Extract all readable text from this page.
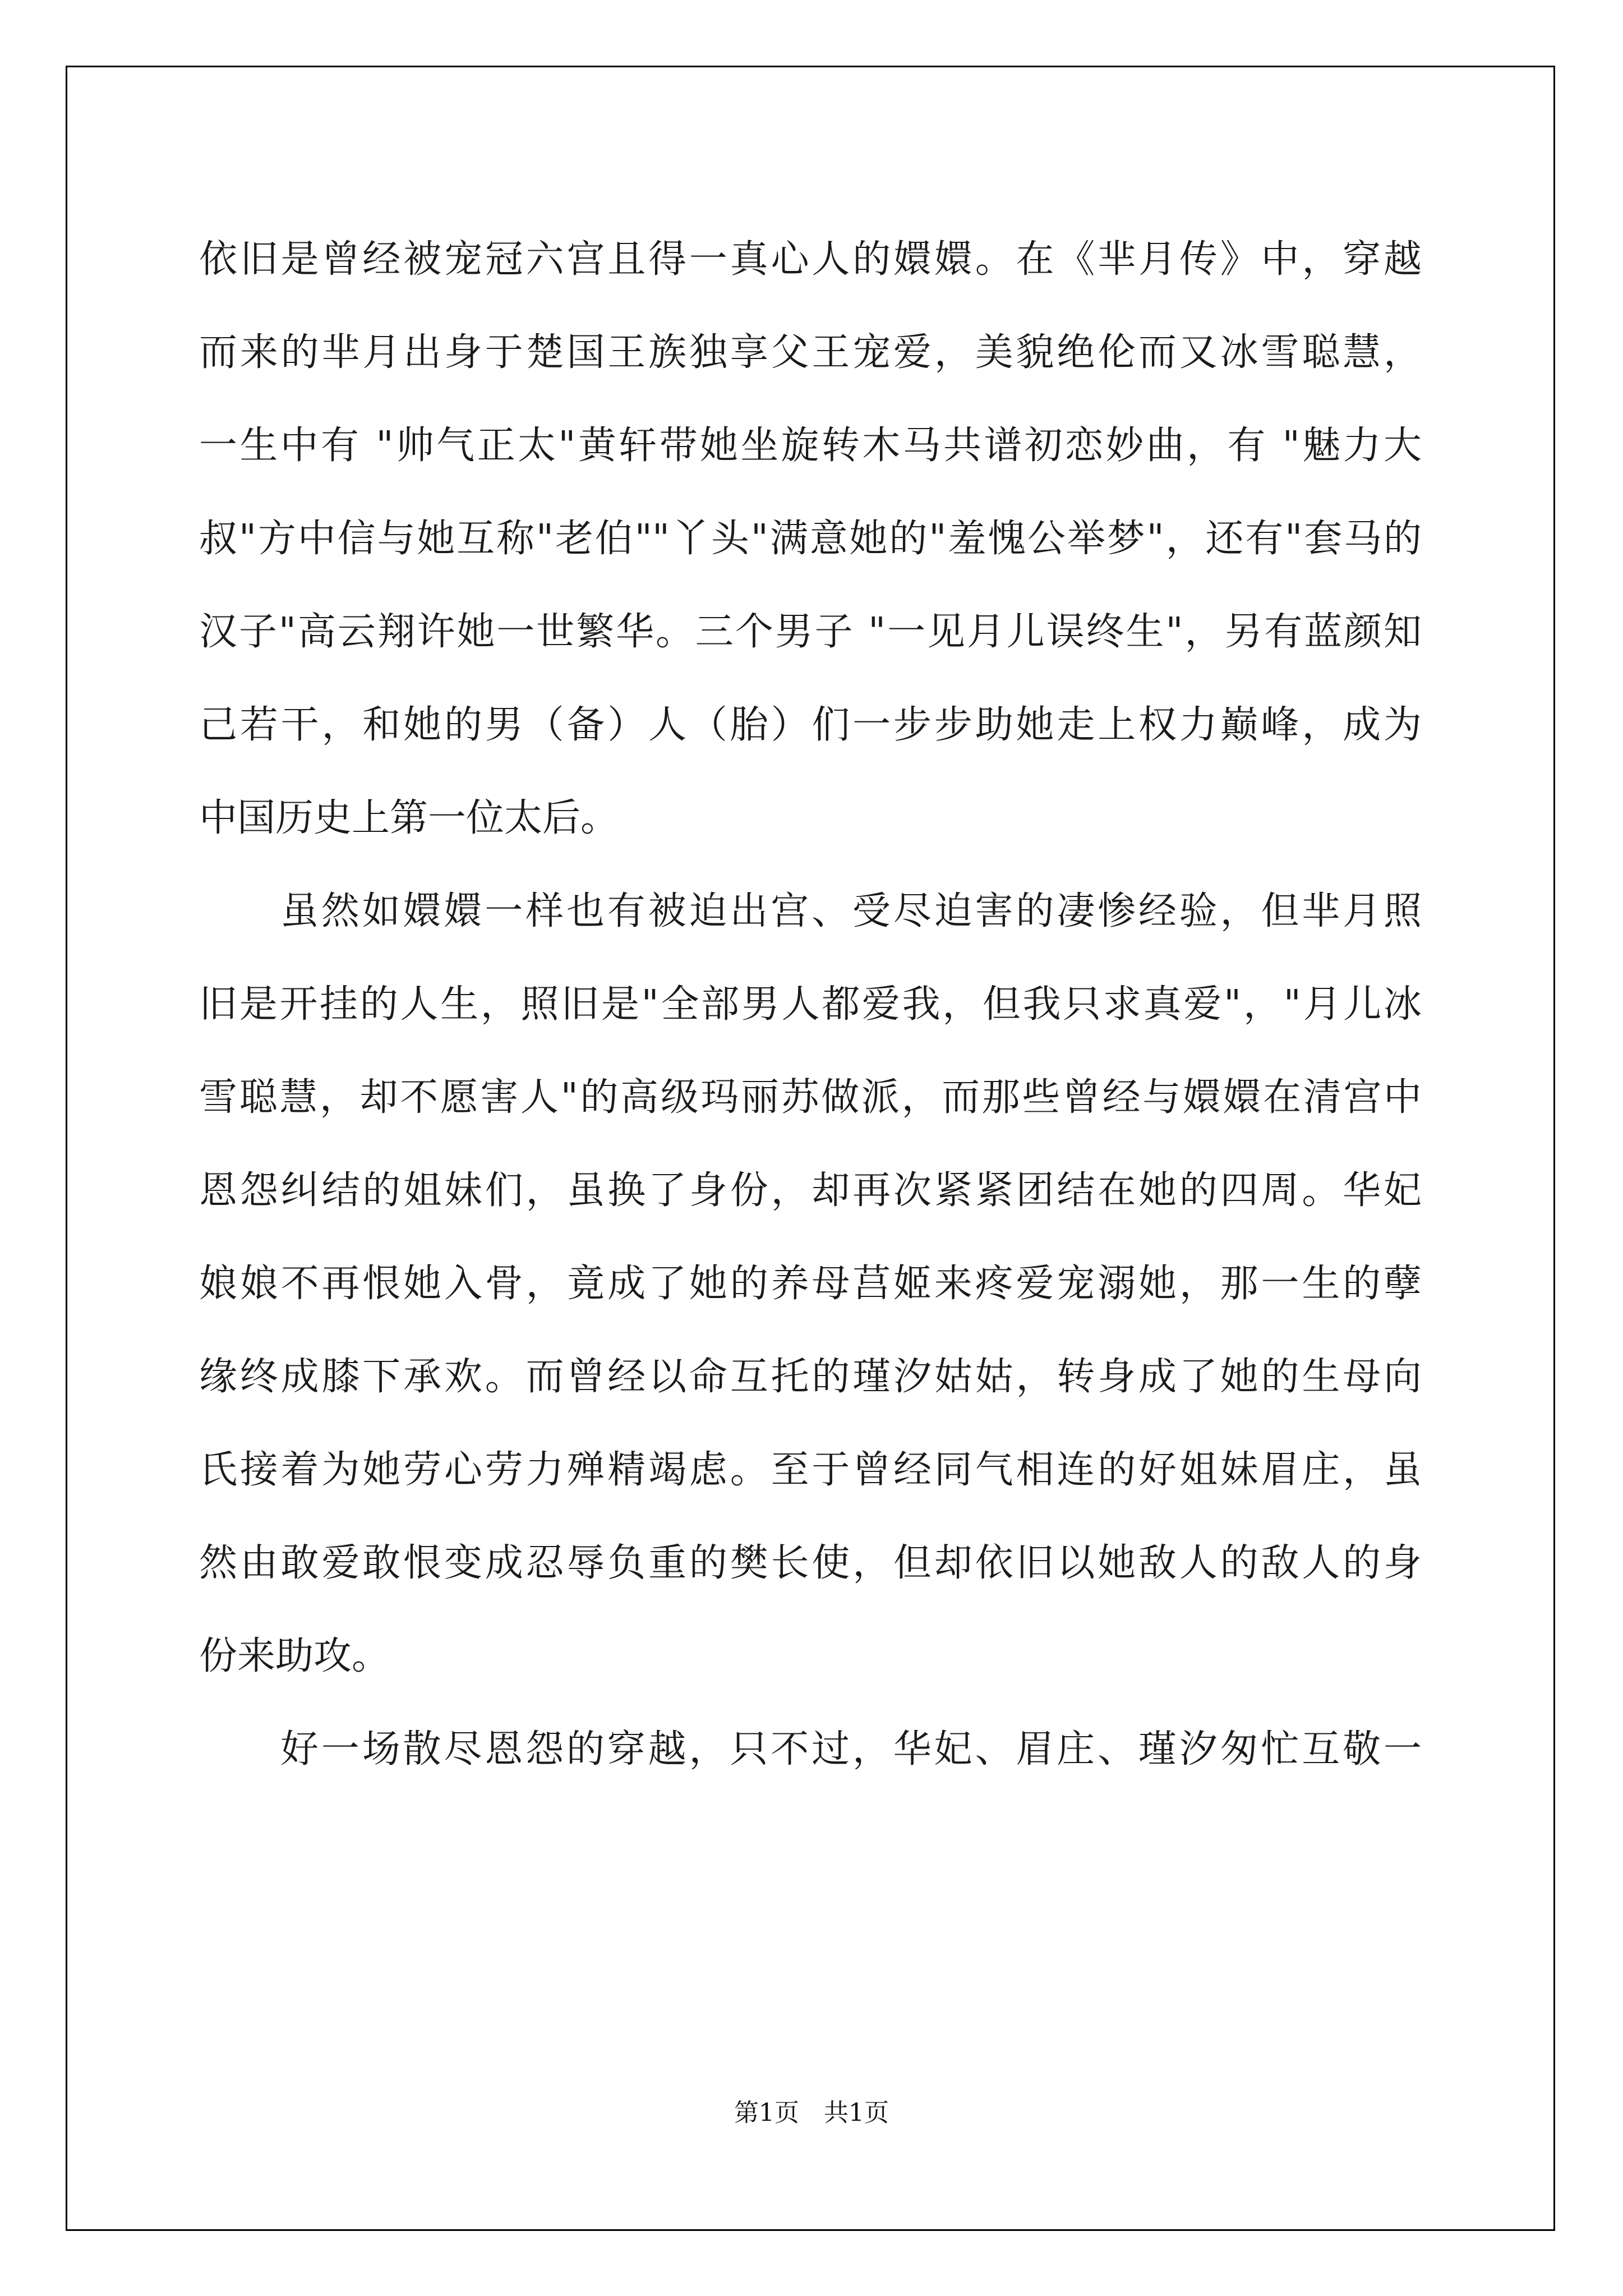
依旧是曾经被宠冠六宫且得一真心人的嬛嬛。在《芈月传》中，穿越
而来的芈月出身于楚国王族独享父王宠爱，美貌绝伦而又冰雪聪慧，
一生中有 "帅气正太"黄轩带她坐旋转木马共谱初恋妙曲，有 "魅力大
叔"方中信与她互称"老伯""丫头"满意她的"羞愧公举梦"，还有"套马的
汉子"高云翔许她一世繁华。三个男子 "一见月儿误终生"，另有蓝颜知
己若干，和她的男（备）人（胎）们一步步助她走上权力巅峰，成为
中国历史上第一位太后。
虽然如嬛嬛一样也有被迫出宫、受尽迫害的凄惨经验，但芈月照
旧是开挂的人生，照旧是"全部男人都爱我，但我只求真爱"，"月儿冰
雪聪慧，却不愿害人"的高级玛丽苏做派，而那些曾经与嬛嬛在清宫中
恩怨纠结的姐妹们，虽换了身份，却再次紧紧团结在她的四周。华妃
娘娘不再恨她入骨，竟成了她的养母莒姬来疼爱宠溺她，那一生的孽
缘终成膝下承欢。而曾经以命互托的瑾汐姑姑，转身成了她的生母向
氏接着为她劳心劳力殚精竭虑。至于曾经同气相连的好姐妹眉庄，虽
然由敢爱敢恨变成忍辱负重的樊长使，但却依旧以她敌人的敌人的身
份来助攻。
好一场散尽恩怨的穿越，只不过，华妃、眉庄、瑾汐匆忙互敬一
第1页　共1页
